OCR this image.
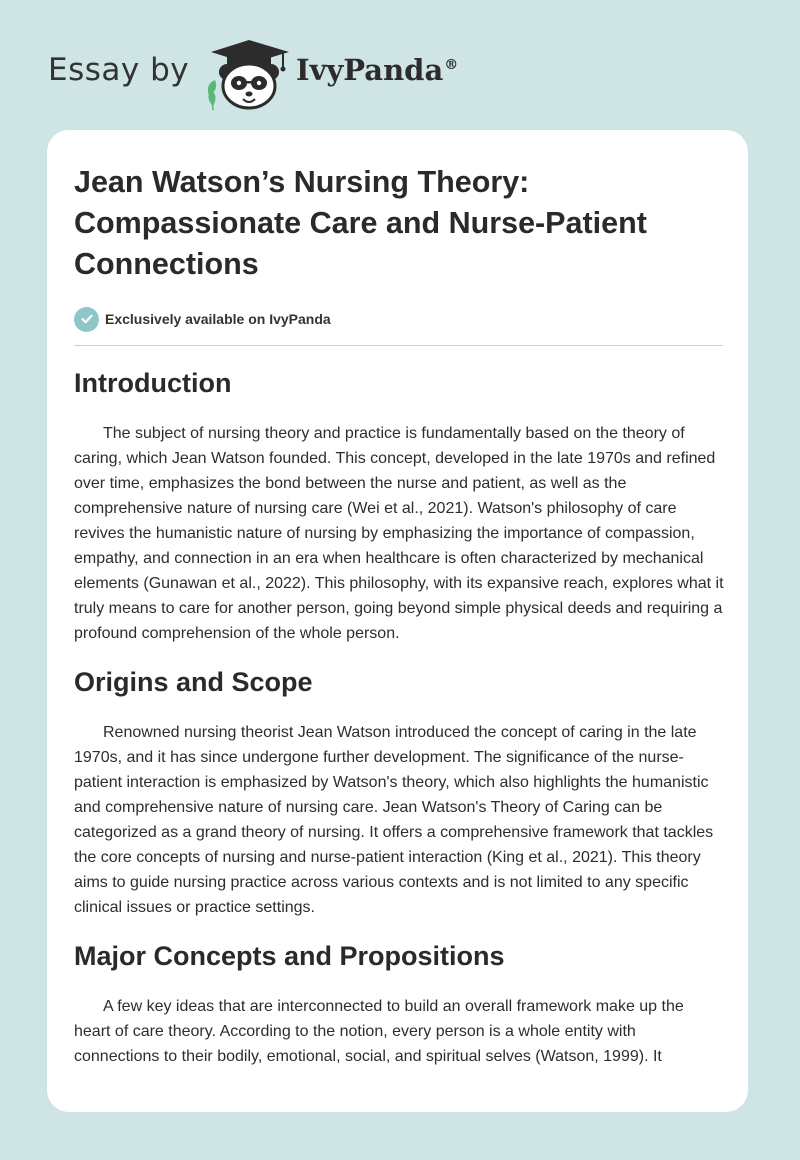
Essay by	IvyPanda®
Jean Watson’s Nursing Theory: Compassionate Care and Nurse-Patient Connections
Exclusively available on IvyPanda
Introduction

The subject of nursing theory and practice is fundamentally based on the theory of caring, which Jean Watson founded. This concept, developed in the late 1970s and refined over time, emphasizes the bond between the nurse and patient, as well as the comprehensive nature of nursing care (Wei et al., 2021). Watson's philosophy of care revives the humanistic nature of nursing by emphasizing the importance of compassion, empathy, and connection in an era when healthcare is often characterized by mechanical elements (Gunawan et al., 2022). This philosophy, with its expansive reach, explores what it truly means to care for another person, going beyond simple physical deeds and requiring a profound comprehension of the whole person.

Origins and Scope

Renowned nursing theorist Jean Watson introduced the concept of caring in the late 1970s, and it has since undergone further development. The significance of the nurse-patient interaction is emphasized by Watson's theory, which also highlights the humanistic and comprehensive nature of nursing care. Jean Watson's Theory of Caring can be categorized as a grand theory of nursing. It offers a comprehensive framework that tackles the core concepts of nursing and nurse-patient interaction (King et al., 2021). This theory aims to guide nursing practice across various contexts and is not limited to any specific clinical issues or practice settings.

Major Concepts and Propositions

A few key ideas that are interconnected to build an overall framework make up the heart of care theory. According to the notion, every person is a whole entity with connections to their bodily, emotional, social, and spiritual selves (Watson, 1999). It
